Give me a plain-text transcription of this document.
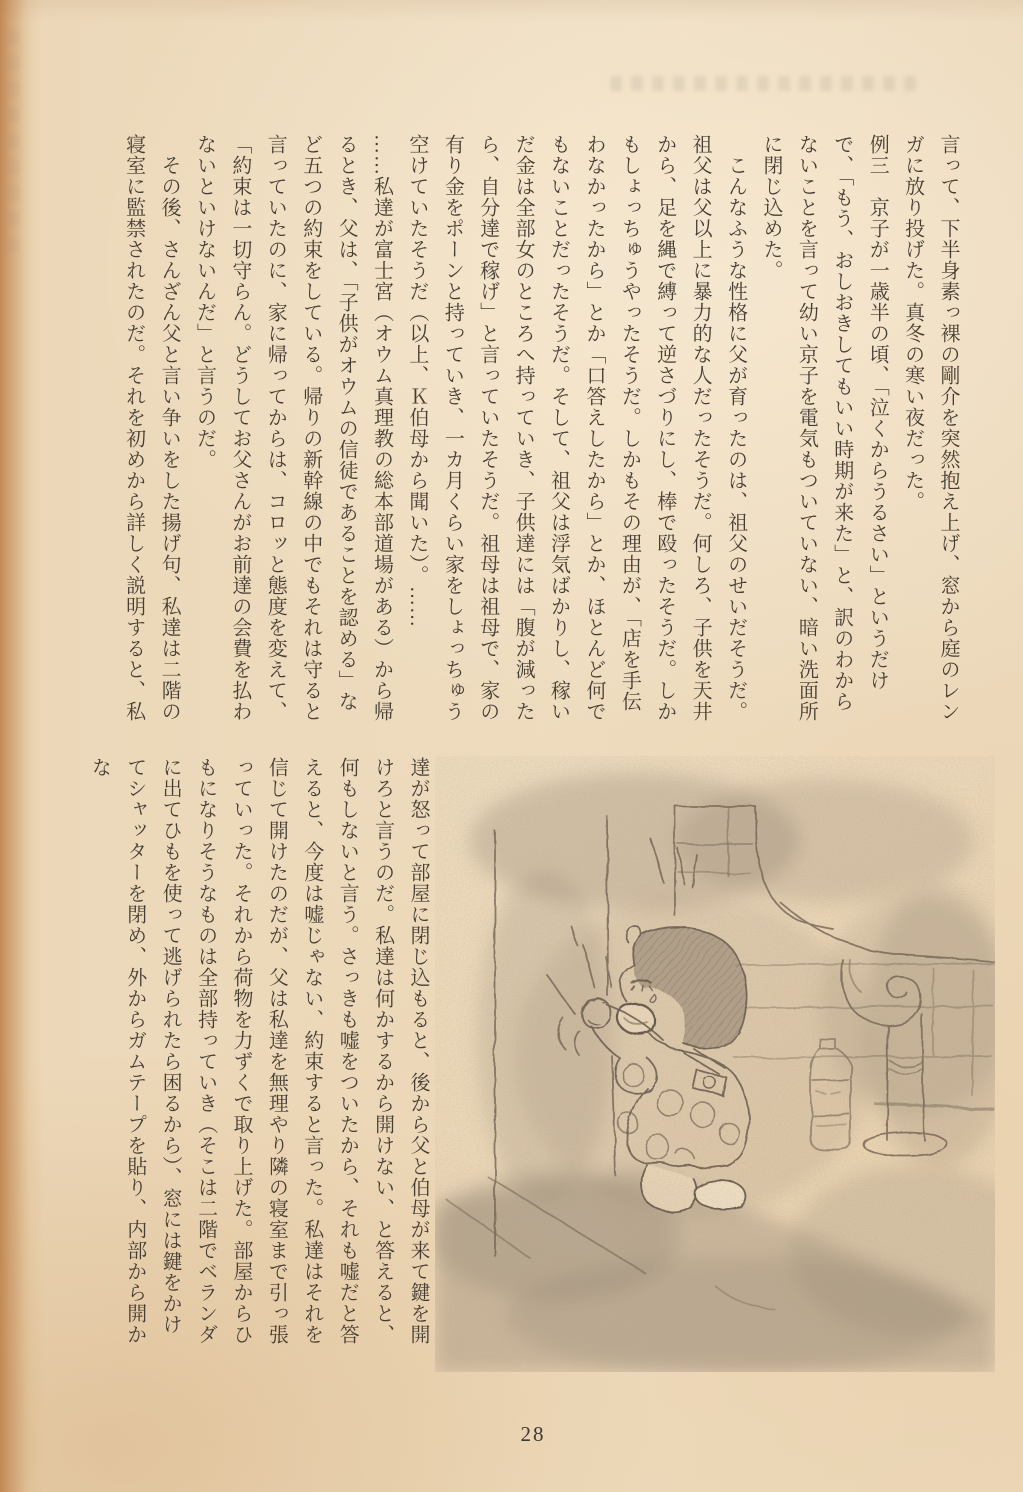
言って、下半身素っ裸の剛介を突然抱え上げ、窓から庭のレンガに放り投げた。真冬の寒い夜だった。

例三　京子が一歳半の頃、「泣くからうるさい」というだけで、「もう、おしおきしてもいい時期が来た」と、訳のわからないことを言って幼い京子を電気もついていない、暗い洗面所に閉じ込めた。

こんなふうな性格に父が育ったのは、祖父のせいだそうだ。祖父は父以上に暴力的な人だったそうだ。何しろ、子供を天井から、足を縄で縛って逆さづりにし、棒で殴ったそうだ。しかもしょっちゅうやったそうだ。しかもその理由が、「店を手伝わなかったから」とか「口答えしたから」とか、ほとんど何でもないことだったそうだ。そして、祖父は浮気ばかりし、稼いだ金は全部女のところへ持っていき、子供達には「腹が減ったら、自分達で稼げ」と言っていたそうだ。祖母は祖母で、家の有り金をポーンと持っていき、一カ月くらい家をしょっちゅう空けていたそうだ（以上、Ｋ伯母から聞いた）。……

……私達が富士宮（オウム真理教の総本部道場がある）から帰るとき、父は、「子供がオウムの信徒であることを認める」など五つの約束をしている。帰りの新幹線の中でもそれは守ると言っていたのに、家に帰ってからは、コロッと態度を変えて、「約束は一切守らん。どうしてお父さんがお前達の会費を払わないといけないんだ」と言うのだ。

その後、さんざん父と言い争いをした揚げ句、私達は二階の寝室に監禁されたのだ。それを初めから詳しく説明すると、私

達が怒って部屋に閉じ込もると、後から父と伯母が来て鍵を開けろと言うのだ。私達は何かするから開けない、と答えると、何もしないと言う。さっきも嘘をついたから、それも嘘だと答えると、今度は嘘じゃない、約束すると言った。私達はそれを信じて開けたのだが、父は私達を無理やり隣の寝室まで引っ張っていった。それから荷物を力ずくで取り上げた。部屋からひもになりそうなものは全部持っていき（そこは二階でベランダに出てひもを使って逃げられたら困るから）、窓には鍵をかけてシャッターを閉め、外からガムテープを貼り、内部から開かな

28
